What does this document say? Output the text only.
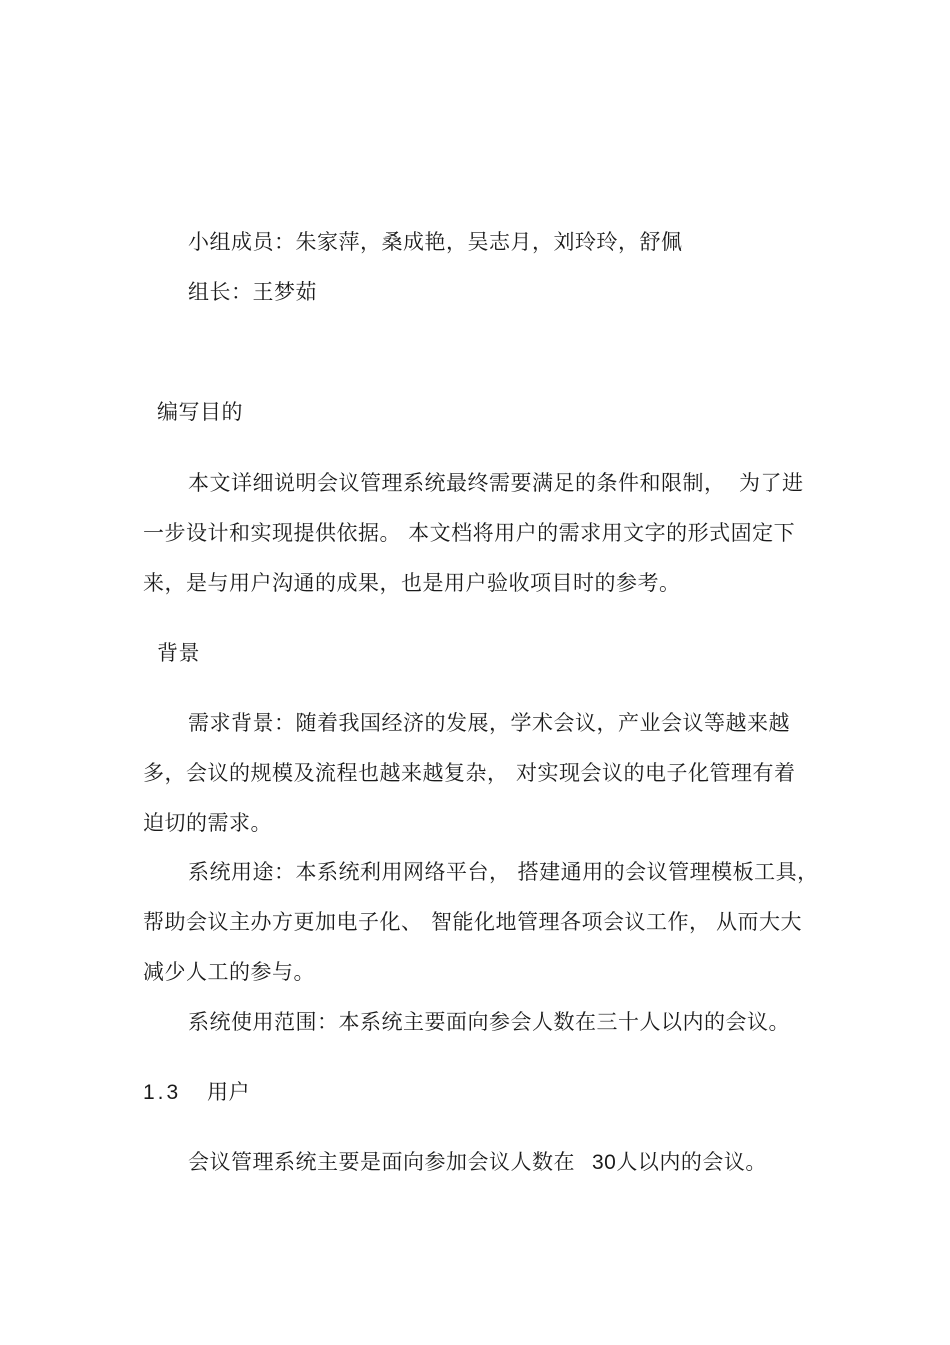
小组成员：朱家萍，桑成艳，吴志月，刘玲玲，舒佩
组长：王梦茹
编写目的
本文详细说明会议管理系统最终需要满足的条件和限制， 为了进
一步设计和实现提供依据。 本文档将用户的需求用文字的形式固定下
来，是与用户沟通的成果，也是用户验收项目时的参考。
背景
需求背景：随着我国经济的发展，学术会议，产业会议等越来越
多，会议的规模及流程也越来越复杂， 对实现会议的电子化管理有着
迫切的需求。
系统用途：本系统利用网络平台， 搭建通用的会议管理模板工具，
帮助会议主办方更加电子化、 智能化地管理各项会议工作， 从而大大
减少人工的参与。
系统使用范围：本系统主要面向参会人数在三十人以内的会议。
1.3 用户
会议管理系统主要是面向参加会议人数在 30人以内的会议。
